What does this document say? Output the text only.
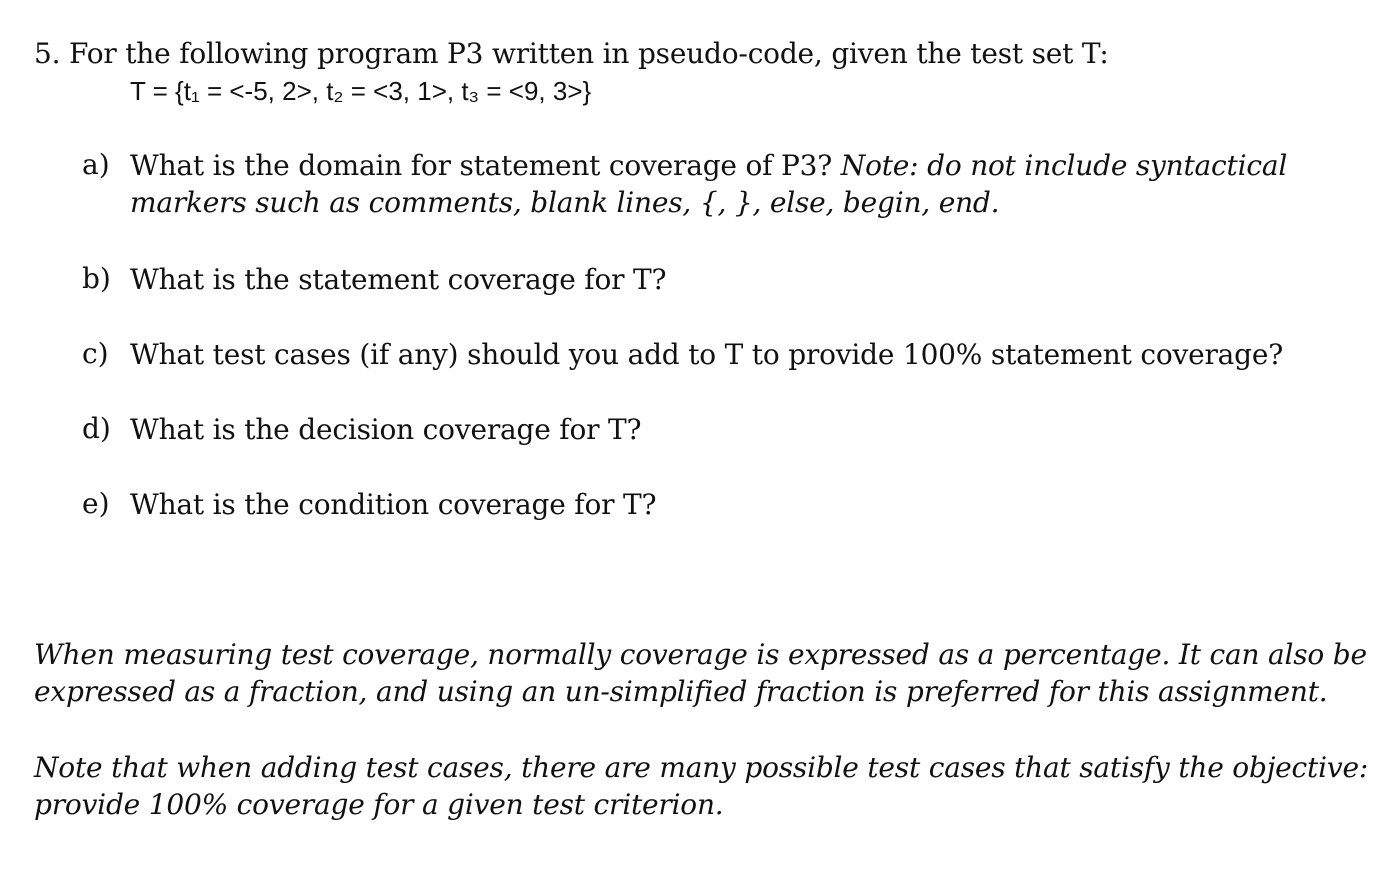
5. For the following program P3 written in pseudo-code, given the test set T:
T = {t₁ = <-5, 2>, t₂ = <3, 1>, t₃ = <9, 3>}
a) What is the domain for statement coverage of P3? Note: do not include syntactical
markers such as comments, blank lines, {, }, else, begin, end.
b) What is the statement coverage for T?
c) What test cases (if any) should you add to T to provide 100% statement coverage?
d) What is the decision coverage for T?
e) What is the condition coverage for T?
When measuring test coverage, normally coverage is expressed as a percentage. It can also be
expressed as a fraction, and using an un-simplified fraction is preferred for this assignment.
Note that when adding test cases, there are many possible test cases that satisfy the objective:
provide 100% coverage for a given test criterion.
